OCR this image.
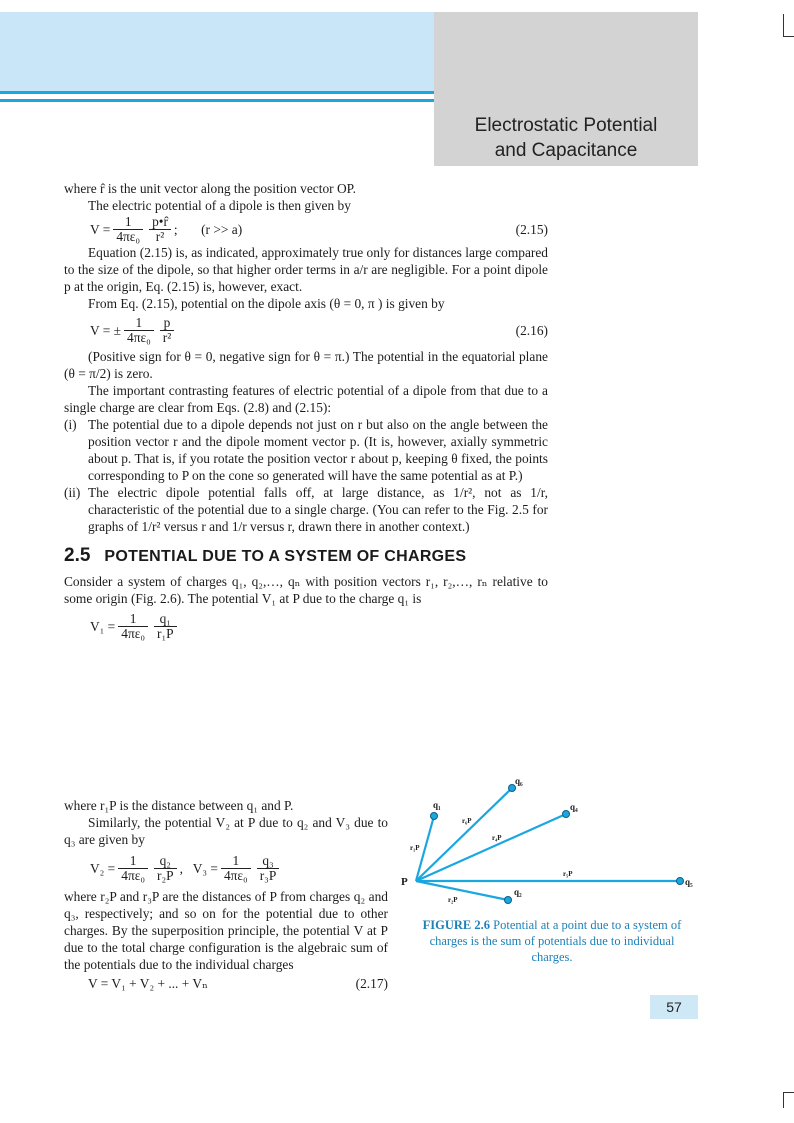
Electrostatic Potential
and Capacitance

where r̂ is the unit vector along the position vector OP.

The electric potential of a dipole is then given by

$V = \frac{1}{\text{4πε₀}} \frac{p•r̂}{\text{r²}}$ ;       (r >> a)	(2.15)

Equation (2.15) is, as indicated, approximately true only for distances large compared to the size of the dipole, so that higher order terms in a/r are negligible. For a point dipole p at the origin, Eq. (2.15) is, however, exact.

From Eq. (2.15), potential on the dipole axis (θ = 0, π ) is given by

V = ± $\frac{1}{\text{4πε₀}} \frac{p}{\text{r²}}$	(2.16)

(Positive sign for θ = 0, negative sign for θ = π.) The potential in the equatorial plane (θ = π/2) is zero.

The important contrasting features of electric potential of a dipole from that due to a single charge are clear from Eqs. (2.8) and (2.15):

(i) The potential due to a dipole depends not just on r but also on the angle between the position vector r and the dipole moment vector p. (It is, however, axially symmetric about p. That is, if you rotate the position vector r about p, keeping θ fixed, the points corresponding to P on the cone so generated will have the same potential as at P.)
(ii) The electric dipole potential falls off, at large distance, as 1/r², not as 1/r, characteristic of the potential due to a single charge. (You can refer to the Fig. 2.5 for graphs of 1/r² versus r and 1/r versus r, drawn there in another context.)
2.5 POTENTIAL DUE TO A SYSTEM OF CHARGES

Consider a system of charges q₁, q₂,…, qₙ with position vectors r₁, r₂,…, rₙ relative to some origin (Fig. 2.6). The potential V₁ at P due to the charge q₁ is

$V_1 = \frac{1}{\text{4πε₀}} \frac{\text{q₁}}{\text{r₁P}}$

where r₁P is the distance between q₁ and P.

Similarly, the potential V₂ at P due to q₂ and V₃ due to q₃ are given by

$V_2 = \frac{1}{\text{4πε₀}} \frac{\text{q₂}}{\text{r₂P}}$ ,   $V_3 = \frac{1}{\text{4πε₀}} \frac{\text{q₃}}{\text{r₃P}}$

where r₂P and r₃P are the distances of P from charges q₂ and q₃, respectively; and so on for the potential due to other charges. By the superposition principle, the potential V at P due to the total charge configuration is the algebraic sum of the potentials due to the individual charges

V = V₁ + V₂ + ... + Vₙ	(2.17)
P
q₁
q₂
q₄
q₅
q₆
r₁P
r₂P
r₄P
r₅P
r₆P
FIGURE 2.6 Potential at a point due to a system of charges is the sum of potentials due to individual charges.
57
